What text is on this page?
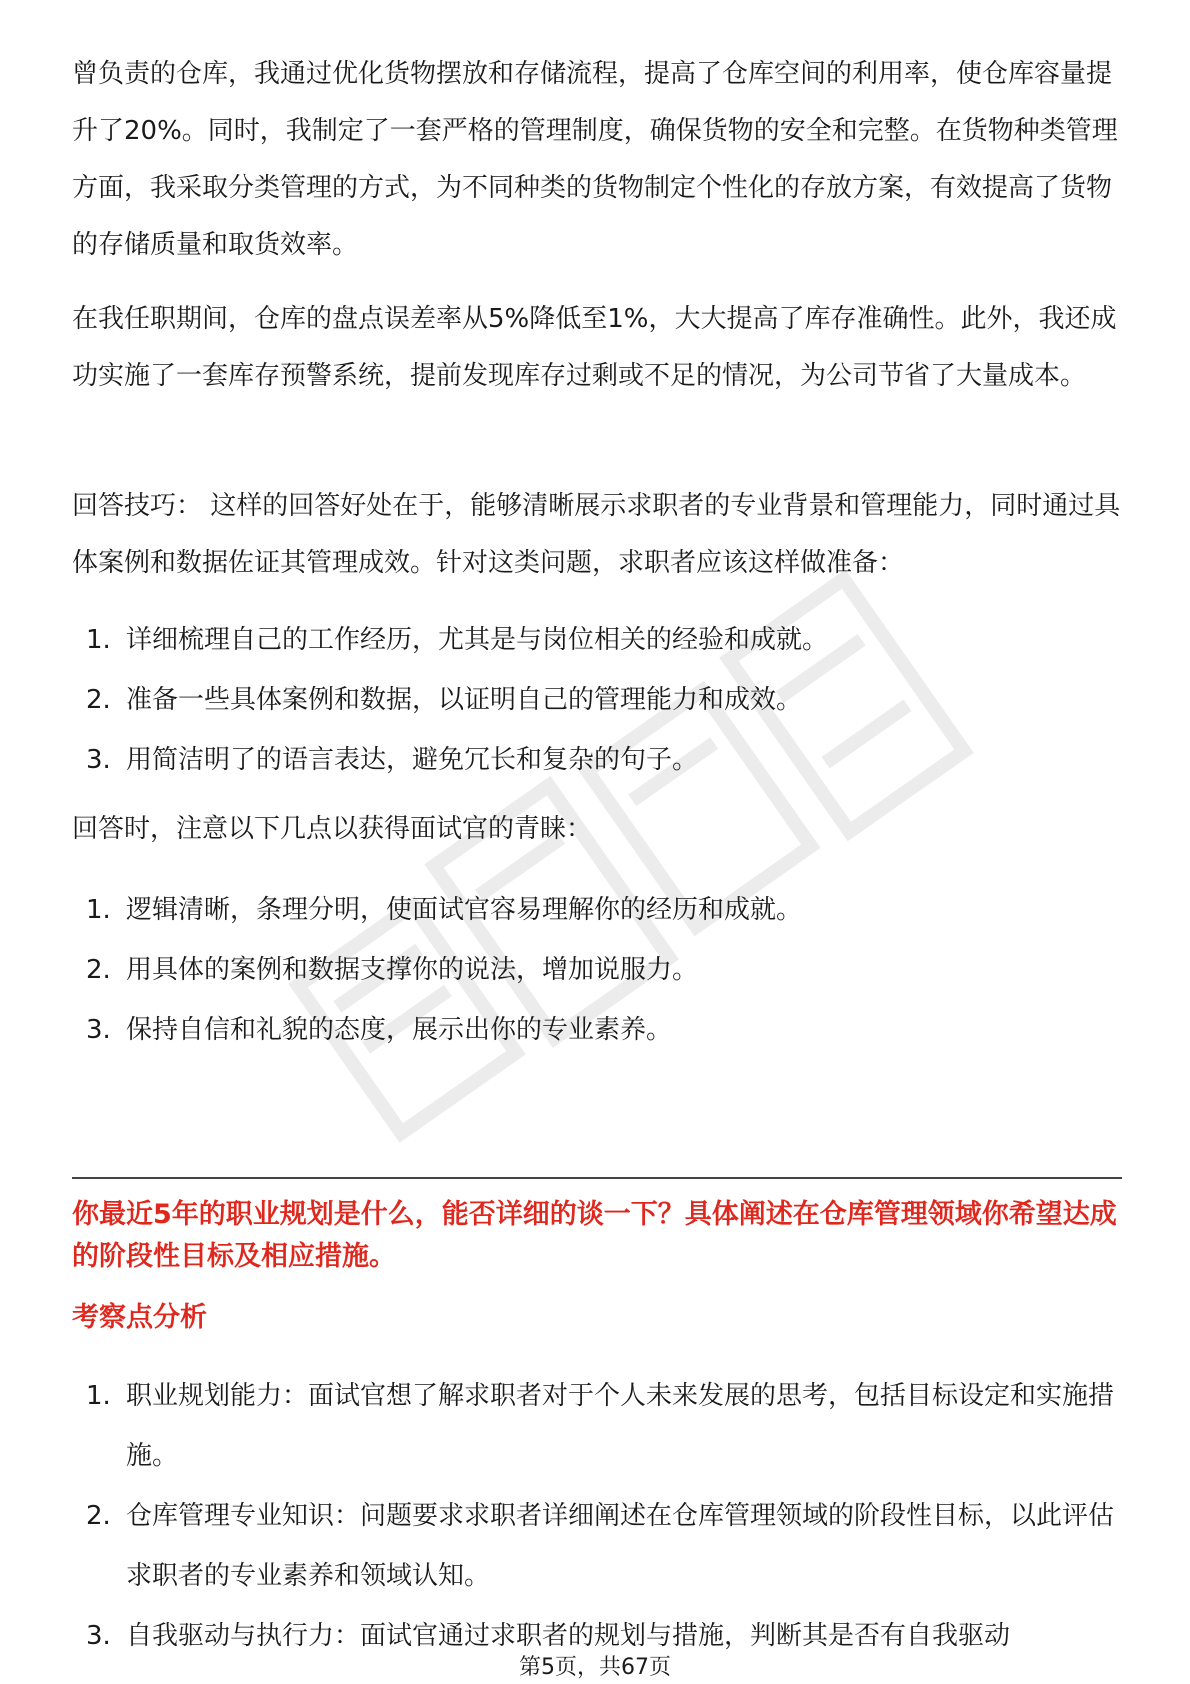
曾负责的仓库，我通过优化货物摆放和存储流程，提高了仓库空间的利用率，使仓库容量提升了20%。同时，我制定了一套严格的管理制度，确保货物的安全和完整。在货物种类管理方面，我采取分类管理的方式，为不同种类的货物制定个性化的存放方案，有效提高了货物的存储质量和取货效率。

在我任职期间，仓库的盘点误差率从5%降低至1%，大大提高了库存准确性。此外，我还成功实施了一套库存预警系统，提前发现库存过剩或不足的情况，为公司节省了大量成本。

回答技巧： 这样的回答好处在于，能够清晰展示求职者的专业背景和管理能力，同时通过具体案例和数据佐证其管理成效。针对这类问题，求职者应该这样做准备：

1. 详细梳理自己的工作经历，尤其是与岗位相关的经验和成就。
2. 准备一些具体案例和数据，以证明自己的管理能力和成效。
3. 用简洁明了的语言表达，避免冗长和复杂的句子。

回答时，注意以下几点以获得面试官的青睐：

1. 逻辑清晰，条理分明，使面试官容易理解你的经历和成就。
2. 用具体的案例和数据支撑你的说法，增加说服力。
3. 保持自信和礼貌的态度，展示出你的专业素养。

你最近5年的职业规划是什么，能否详细的谈一下？具体阐述在仓库管理领域你希望达成的阶段性目标及相应措施。

考察点分析

1. 职业规划能力：面试官想了解求职者对于个人未来发展的思考，包括目标设定和实施措施。
2. 仓库管理专业知识：问题要求求职者详细阐述在仓库管理领域的阶段性目标，以此评估求职者的专业素养和领域认知。
3. 自我驱动与执行力：面试官通过求职者的规划与措施，判断其是否有自我驱动
第5页，共67页
